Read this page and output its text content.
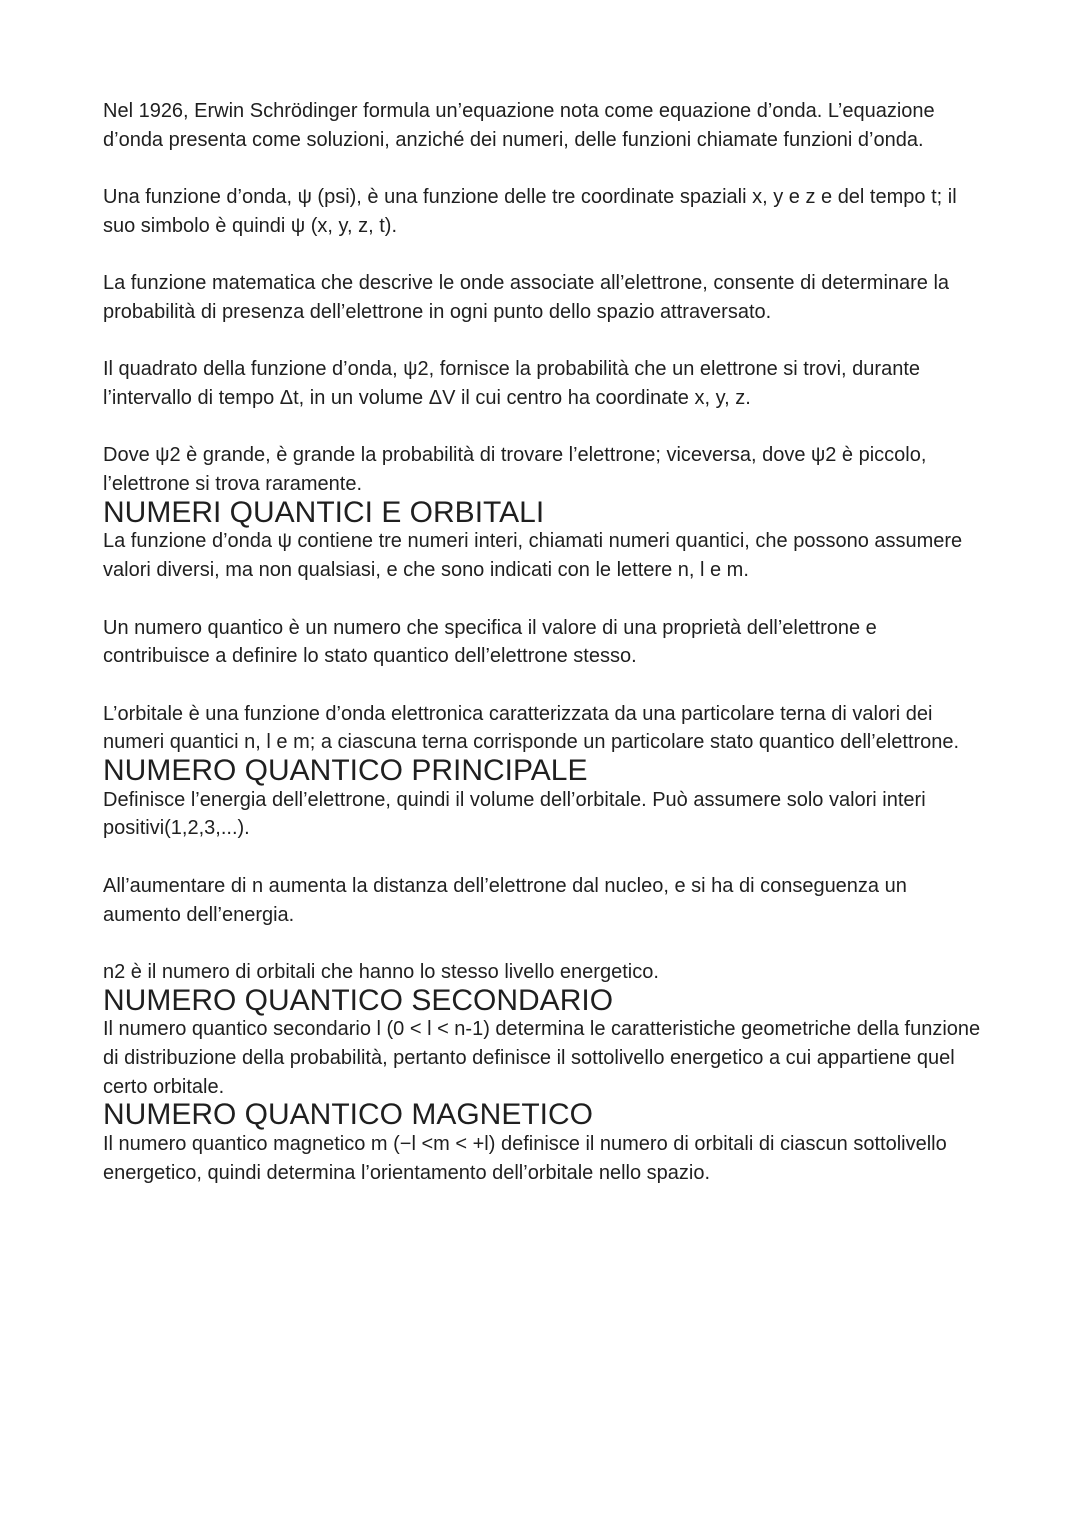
Nel 1926, Erwin Schrödinger formula un’equazione nota come equazione d’onda. L’equazione d’onda presenta come soluzioni, anziché dei numeri, delle funzioni chiamate funzioni d’onda.

Una funzione d’onda, ψ (psi), è una funzione delle tre coordinate spaziali x, y e z e del tempo t; il suo simbolo è quindi ψ (x, y, z, t).

La funzione matematica che descrive le onde associate all’elettrone, consente di determinare la probabilità di presenza dell’elettrone in ogni punto dello spazio attraversato.

Il quadrato della funzione d’onda, ψ2, fornisce la probabilità che un elettrone si trovi, durante l’intervallo di tempo Δt, in un volume ΔV il cui centro ha coordinate x, y, z.

Dove ψ2 è grande, è grande la probabilità di trovare l’elettrone; viceversa, dove ψ2 è piccolo, l’elettrone si trova raramente.

NUMERI QUANTICI E ORBITALI

La funzione d’onda ψ contiene tre numeri interi, chiamati numeri quantici, che possono assumere valori diversi, ma non qualsiasi, e che sono indicati con le lettere n, l e m.

Un numero quantico è un numero che specifica il valore di una proprietà dell’elettrone e contribuisce a definire lo stato quantico dell’elettrone stesso.

L’orbitale è una funzione d’onda elettronica caratterizzata da una particolare terna di valori dei numeri quantici n, l e m; a ciascuna terna corrisponde un particolare stato quantico dell’elettrone.

NUMERO QUANTICO PRINCIPALE

Definisce l’energia dell’elettrone, quindi il volume dell’orbitale. Può assumere solo valori interi positivi(1,2,3,...).

All’aumentare di n aumenta la distanza dell’elettrone dal nucleo, e si ha di conseguenza un aumento dell’energia.

n2 è il numero di orbitali che hanno lo stesso livello energetico.

NUMERO QUANTICO SECONDARIO

Il numero quantico secondario l (0 < l < n-1) determina le caratteristiche geometriche della funzione di distribuzione della probabilità, pertanto definisce il sottolivello energetico a cui appartiene quel certo orbitale.

NUMERO QUANTICO MAGNETICO

Il numero quantico magnetico m (−l <m < +l) definisce il numero di orbitali di ciascun sottolivello energetico, quindi determina l’orientamento dell’orbitale nello spazio.
